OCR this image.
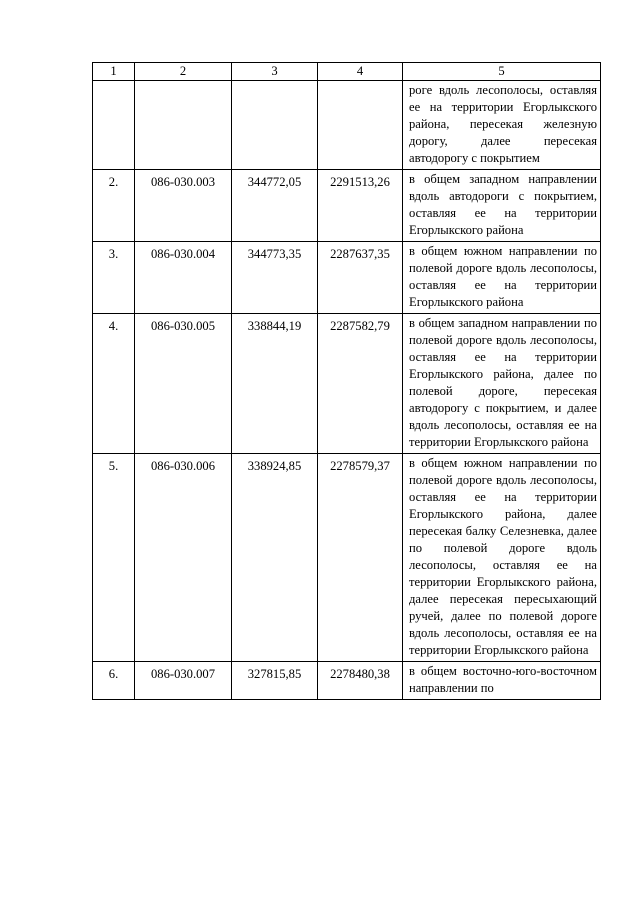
1	2	3	4	5
				роге вдоль лесополосы, оставляя ее на территории Егорлыкского района, пересекая железную дорогу, далее пересекая автодорогу с покрытием
2.	086-030.003	344772,05	2291513,26	в общем западном направлении вдоль автодороги с покрытием, оставляя ее на территории Егорлыкского района
3.	086-030.004	344773,35	2287637,35	в общем южном направлении по полевой дороге вдоль лесополосы, оставляя ее на территории Егорлыкского района
4.	086-030.005	338844,19	2287582,79	в общем западном направлении по полевой дороге вдоль лесополосы, оставляя ее на территории Егорлыкского района, далее по полевой дороге, пересекая автодорогу с покрытием, и далее вдоль лесополосы, оставляя ее на территории Егорлыкского района
5.	086-030.006	338924,85	2278579,37	в общем южном направлении по полевой дороге вдоль лесополосы, оставляя ее на территории Егорлыкского района, далее пересекая балку Селезневка, далее по полевой дороге вдоль лесополосы, оставляя ее на территории Егорлыкского района, далее пересекая пересыхающий ручей, далее по полевой дороге вдоль лесополосы, оставляя ее на территории Егорлыкского района
6.	086-030.007	327815,85	2278480,38	в общем восточно-юго-восточном направлении по
